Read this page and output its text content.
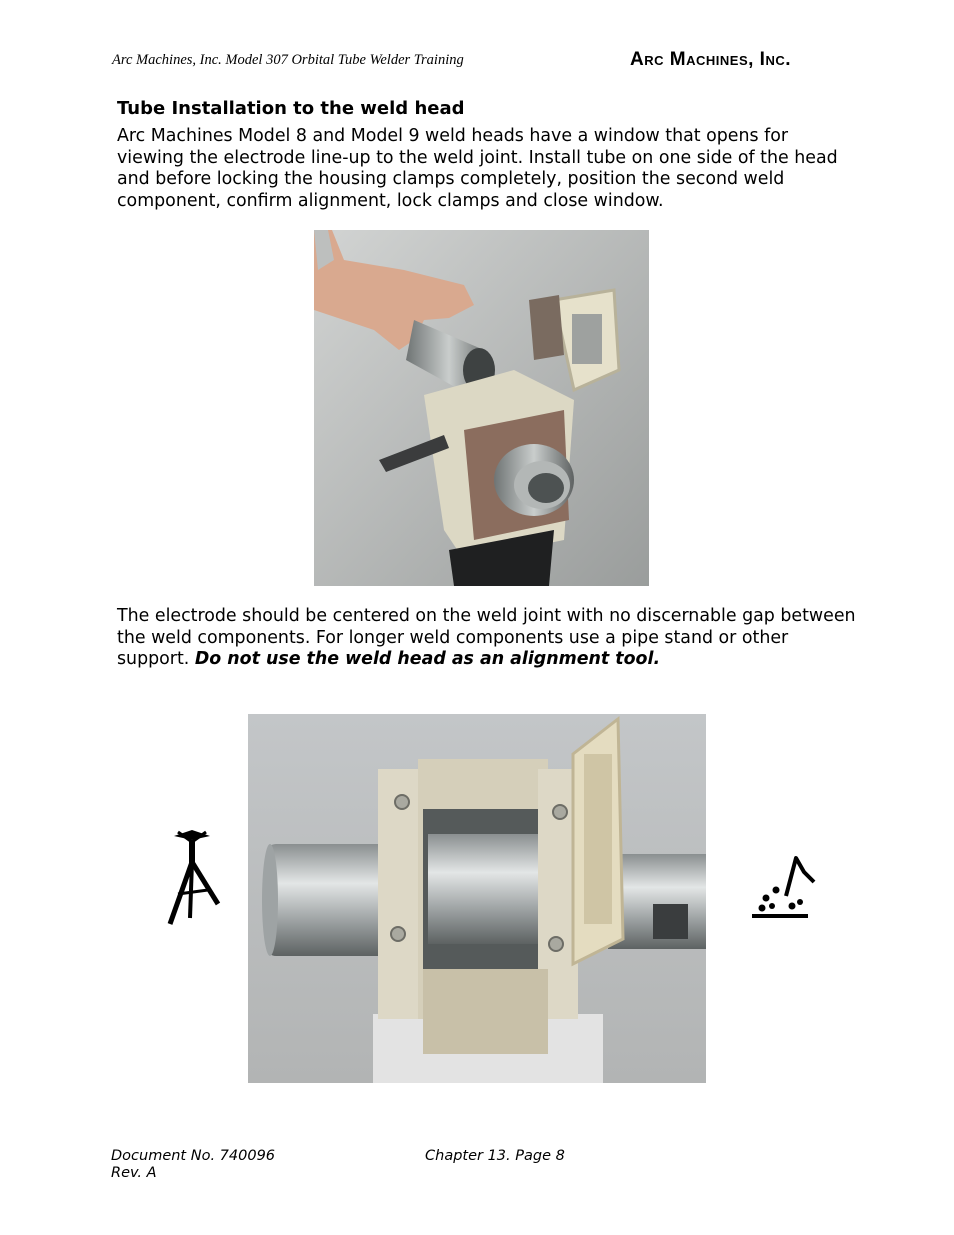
Arc Machines, Inc. Model 307 Orbital Tube Welder Training	Arc Machines, Inc.
Tube Installation to the weld head
Arc Machines Model 8 and Model 9 weld heads have a window that opens for viewing the electrode line-up to the weld joint. Install tube on one side of the head and before locking the housing clamps completely, position the second weld component, confirm alignment, lock clamps and close window.
The electrode should be centered on the weld joint with no discernable gap between the weld components. For longer weld components use a pipe stand or other support. Do not use the weld head as an alignment tool.
Document No. 740096
Rev. A
Chapter 13. Page 8
